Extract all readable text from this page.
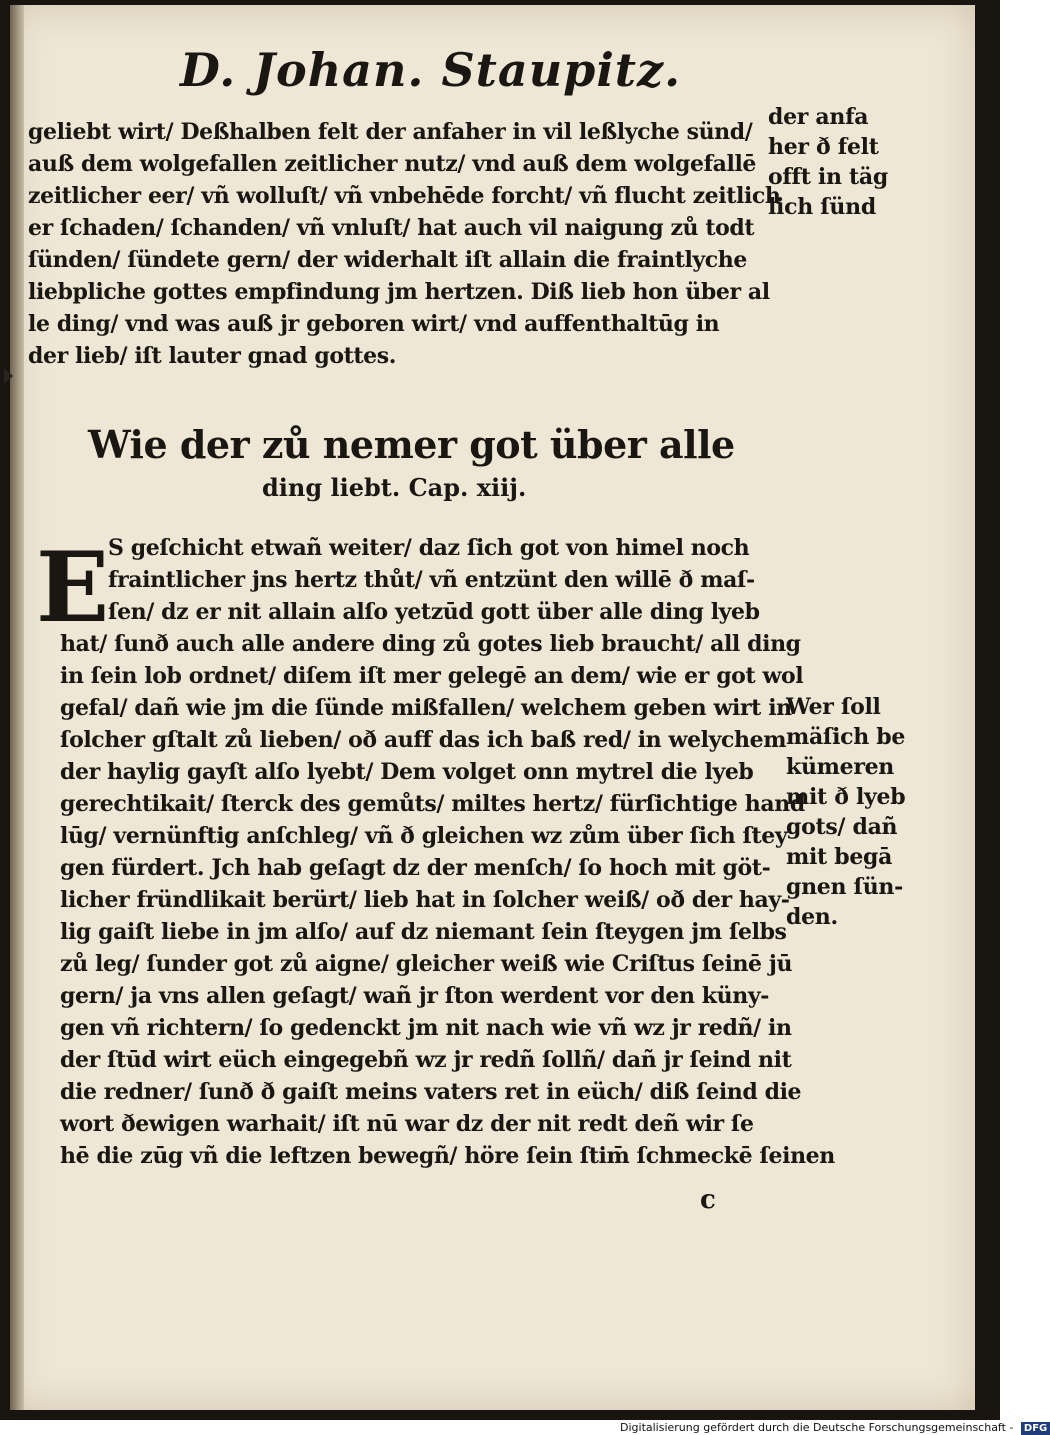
D. Johan. Staupitz.
geliebt wirt/ Deßhalben felt der anfaher in vil leßlyche sünd/
auß dem wolgefallen zeitlicher nutz/ vnd auß dem wolgefallē
zeitlicher eer/ vñ wolluſt/ vñ vnbehēde forcht/ vñ flucht zeitlich
er ſchaden/ ſchanden/ vñ vnluſt/ hat auch vil naigung zů todt
ſünden/ ſündete gern/ der widerhalt iſt allain die fraintlyche
liebpliche gottes empfindung jm hertzen. Diß lieb hon über al
le ding/ vnd was auß jr geboren wirt/ vnd auffenthaltūg in
der lieb/ iſt lauter gnad gottes.
der anfa
her ð felt
offt in täg
lich ſünd
Wie der zů nemer got über alle
ding liebt. Cap. xiij.
E
S geſchicht etwañ weiter/ daz ſich got von himel noch
fraintlicher jns hertz thůt/ vñ entzünt den willē ð maſ-
ſen/ dz er nit allain alſo yetzūd gott über alle ding lyeb
hat/ ſunð auch alle andere ding zů gotes lieb braucht/ all ding
in ſein lob ordnet/ diſem iſt mer gelegē an dem/ wie er got wol
gefal/ dañ wie jm die ſünde mißfallen/ welchem geben wirt in
ſolcher gſtalt zů lieben/ oð auff das ich baß red/ in welychem
der haylig gayſt alſo lyebt/ Dem volget onn mytrel die lyeb
gerechtikait/ ſterck des gemůts/ miltes hertz/ fürſichtige hand
lūg/ vernünftig anſchleg/ vñ ð gleichen wz zům über ſich ſtey
gen fürdert. Jch hab geſagt dz der menſch/ ſo hoch mit göt-
licher fründlikait berürt/ lieb hat in ſolcher weiß/ oð der hay-
lig gaiſt liebe in jm alſo/ auf dz niemant ſein ſteygen jm ſelbs
zů leg/ ſunder got zů aigne/ gleicher weiß wie Criſtus ſeinē jū
gern/ ja vns allen geſagt/ wañ jr ſton werdent vor den küny-
gen vñ richtern/ ſo gedenckt jm nit nach wie vñ wz jr redñ/ in
der ſtūd wirt eüch eingegebñ wz jr redñ ſollñ/ dañ jr ſeind nit
die redner/ ſunð ð gaiſt meins vaters ret in eüch/ diß ſeind die
wort ðewigen warhait/ iſt nū war dz der nit redt deñ wir ſe
hē die zūg vñ die leftzen bewegñ/ höre ſein ſtim̄ ſchmeckē ſeinen
Wer ſoll
mäſich be
kümeren
mit ð lyeb
gots/ dañ
mit begā
gnen ſün-
den.
c
Digitalisierung gefördert durch die Deutsche Forschungsgemeinschaft - DFG
